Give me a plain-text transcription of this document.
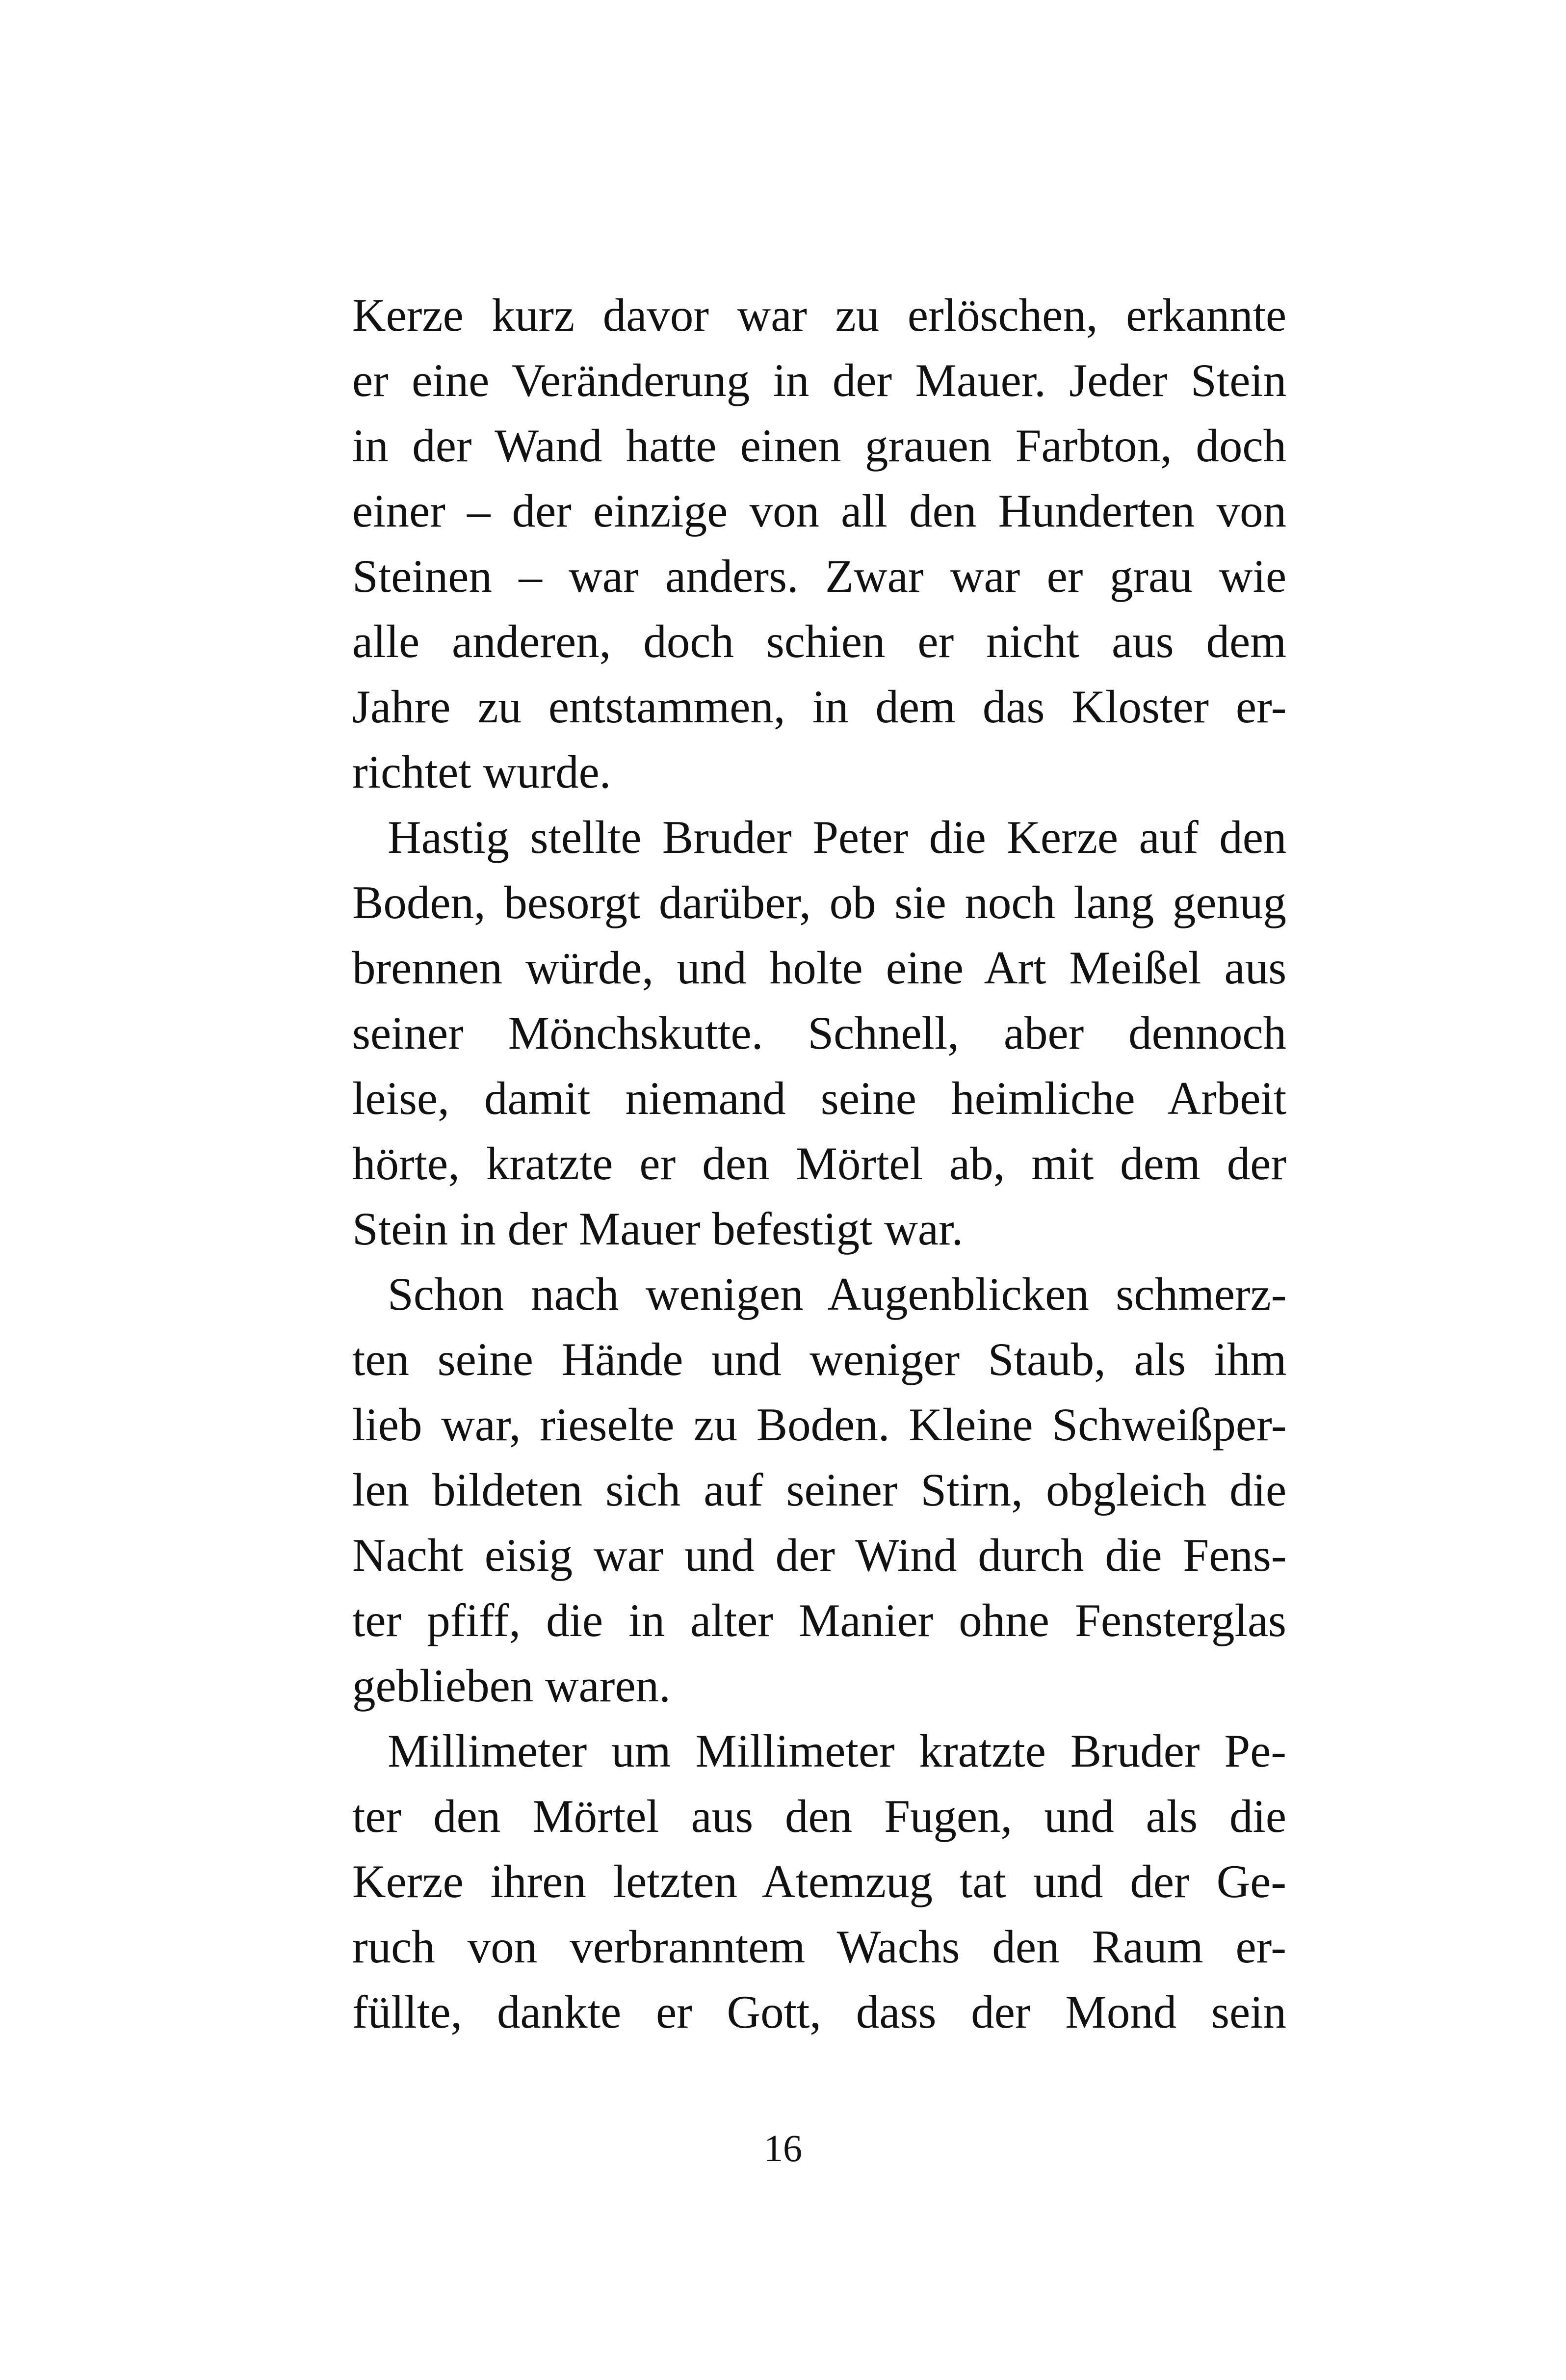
Kerze kurz davor war zu erlöschen, erkannte
er eine Veränderung in der Mauer. Jeder Stein
in der Wand hatte einen grauen Farbton, doch
einer – der einzige von all den Hunderten von
Steinen – war anders. Zwar war er grau wie
alle anderen, doch schien er nicht aus dem
Jahre zu entstammen, in dem das Kloster er-
richtet wurde.
Hastig stellte Bruder Peter die Kerze auf den
Boden, besorgt darüber, ob sie noch lang genug
brennen würde, und holte eine Art Meißel aus
seiner Mönchskutte. Schnell, aber dennoch
leise, damit niemand seine heimliche Arbeit
hörte, kratzte er den Mörtel ab, mit dem der
Stein in der Mauer befestigt war.
Schon nach wenigen Augenblicken schmerz-
ten seine Hände und weniger Staub, als ihm
lieb war, rieselte zu Boden. Kleine Schweißper-
len bildeten sich auf seiner Stirn, obgleich die
Nacht eisig war und der Wind durch die Fens-
ter pfiff, die in alter Manier ohne Fensterglas
geblieben waren.
Millimeter um Millimeter kratzte Bruder Pe-
ter den Mörtel aus den Fugen, und als die
Kerze ihren letzten Atemzug tat und der Ge-
ruch von verbranntem Wachs den Raum er-
füllte, dankte er Gott, dass der Mond sein
16
